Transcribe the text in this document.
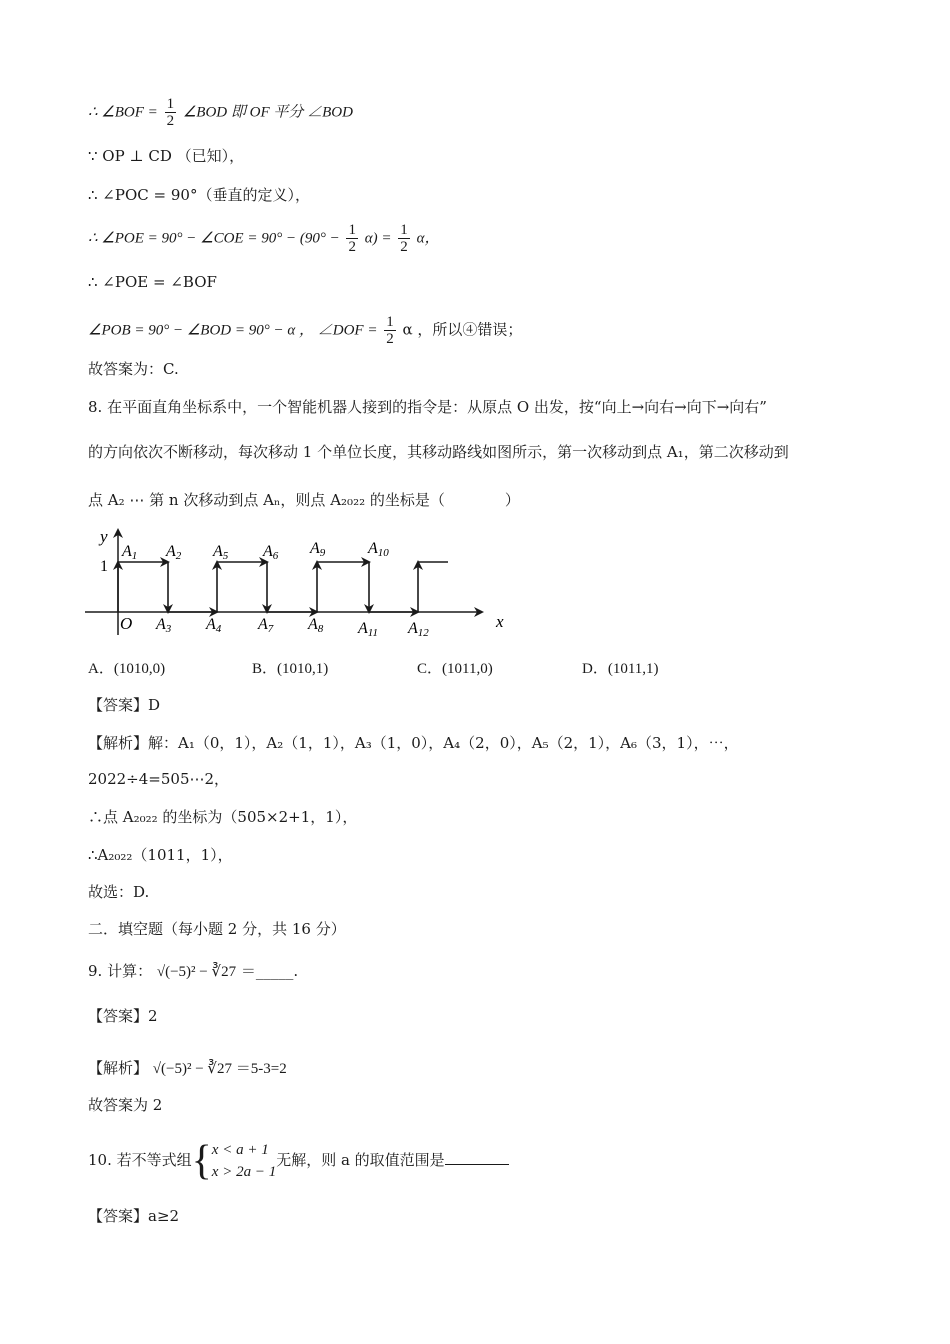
∴ ∠BOF = $\frac{1}{2}$ ∠BOD 即 OF 平分 ∠BOD
∵ OP ⊥ CD （已知），
∴ ∠POC = 90°（垂直的定义），
∴ ∠POE = 90° − ∠COE = $90^\circ - (90^\circ - \frac{1}{2} \alpha) = \frac{1}{2}$ α，
∴ ∠POE = ∠BOF
∠POB = 90° − ∠BOD = 90° − α ， ∠DOF = $\frac{1}{2}$ α ，所以④错误；
故答案为：C.
8. 在平面直角坐标系中，一个智能机器人接到的指令是：从原点 O 出发，按“向上→向右→向下→向右”
的方向依次不断移动，每次移动 1 个单位长度，其移动路线如图所示，第一次移动到点 A₁，第二次移动到
点 A₂ ⋯ 第 n 次移动到点 Aₙ，则点 A₂₀₂₂ 的坐标是（　　　　）
y
x
O
1
A1 A2
A3 A4
A5 A6
A7 A8
A9	A10
A11 A12
A．(1010,0)	B．(1010,1)	C．(1011,0)	D．(1011,1)
【答案】D
【解析】解：A₁（0，1），A₂（1，1），A₃（1，0），A₄（2，0），A₅（2，1），A₆（3，1），⋯，
2022÷4=505⋯2，
∴点 A₂₀₂₂ 的坐标为（505×2+1，1），
∴A₂₀₂₂（1011，1），
故选：D.
二．填空题（每小题 2 分，共 16 分）
9. 计算： √(−5)² − ∛27 ＝_____.
【答案】2
【解析】 √(−5)² − ∛27 ＝5-3=2
故答案为 2
10. 若不等式组{ x < a + 1
x > 2a − 1
无解，则 a 的取值范围是
【答案】a≥2
